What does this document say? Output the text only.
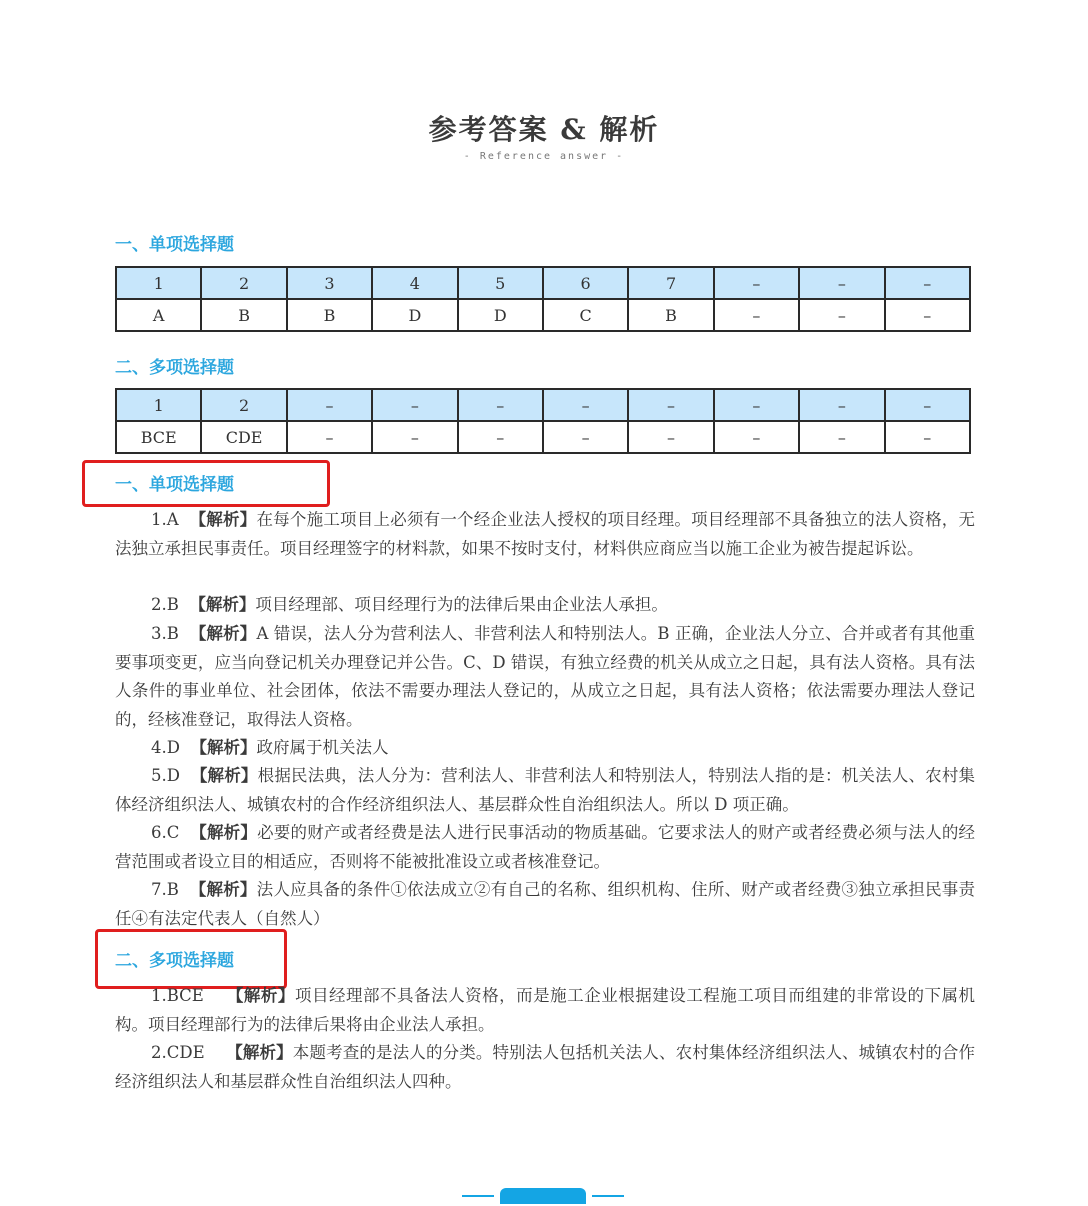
参考答案 & 解析
- Reference answer -
一、单项选择题
1	2	3	4	5	6	7	–	–	–
A	B	B	D	D	C	B	–	–	–
二、多项选择题
1	2	–	–	–	–	–	–	–	–
BCE	CDE	–	–	–	–	–	–	–	–
一、单项选择题
1.A 【解析】在每个施工项目上必须有一个经企业法人授权的项目经理。项目经理部不具备独立的法人资格，无法独立承担民事责任。项目经理签字的材料款，如果不按时支付，材料供应商应当以施工企业为被告提起诉讼。
2.B 【解析】项目经理部、项目经理行为的法律后果由企业法人承担。
3.B 【解析】A 错误，法人分为营利法人、非营利法人和特别法人。B 正确，企业法人分立、合并或者有其他重要事项变更，应当向登记机关办理登记并公告。C、D 错误，有独立经费的机关从成立之日起，具有法人资格。具有法人条件的事业单位、社会团体，依法不需要办理法人登记的，从成立之日起，具有法人资格；依法需要办理法人登记的，经核准登记，取得法人资格。
4.D 【解析】政府属于机关法人
5.D 【解析】根据民法典，法人分为：营利法人、非营利法人和特别法人，特别法人指的是：机关法人、农村集体经济组织法人、城镇农村的合作经济组织法人、基层群众性自治组织法人。所以 D 项正确。
6.C 【解析】必要的财产或者经费是法人进行民事活动的物质基础。它要求法人的财产或者经费必须与法人的经营范围或者设立目的相适应，否则将不能被批准设立或者核准登记。
7.B 【解析】法人应具备的条件①依法成立②有自己的名称、组织机构、住所、财产或者经费③独立承担民事责任④有法定代表人（自然人）
二、多项选择题
1.BCE 【解析】项目经理部不具备法人资格，而是施工企业根据建设工程施工项目而组建的非常设的下属机构。项目经理部行为的法律后果将由企业法人承担。
2.CDE 【解析】本题考查的是法人的分类。特别法人包括机关法人、农村集体经济组织法人、城镇农村的合作经济组织法人和基层群众性自治组织法人四种。
